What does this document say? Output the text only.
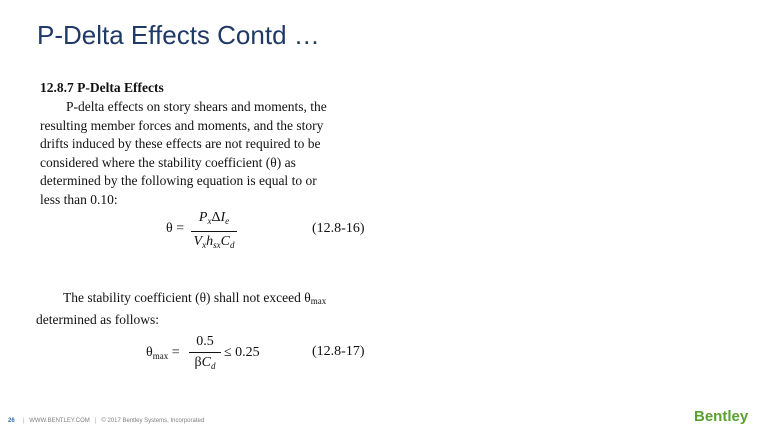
P-Delta Effects Contd …
12.8.7 P-Delta Effects
P-delta effects on story shears and moments, the
resulting member forces and moments, and the story
drifts induced by these effects are not required to be
considered where the stability coefficient (θ) as
determined by the following equation is equal to or
less than 0.10:
θ =
$P_x\Delta I_e$
$V_xh_{sx}C_d$
(12.8-16)
The stability coefficient (θ) shall not exceed θmax
determined as follows:
$\theta_{max}$ =
0.5
$\beta C_d$
≤ 0.25	(12.8-17)
26 | WWW.BENTLEY.COM | © 2017 Bentley Systems, Incorporated	Bentley
